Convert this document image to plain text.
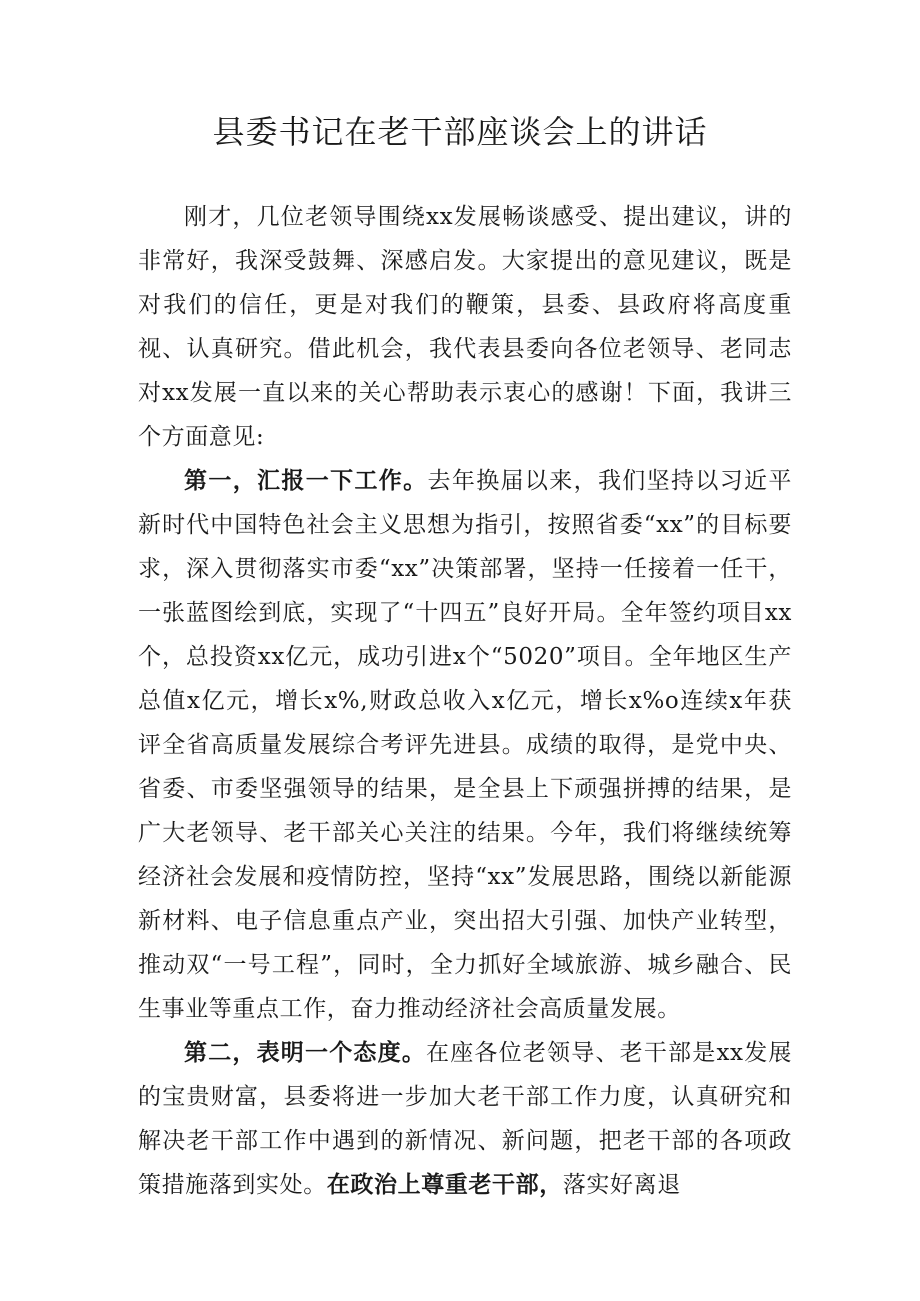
县委书记在老干部座谈会上的讲话

刚才，几位老领导围绕xx发展畅谈感受、提出建议，讲的非常好，我深受鼓舞、深感启发。大家提出的意见建议，既是对我们的信任，更是对我们的鞭策，县委、县政府将高度重视、认真研究。借此机会，我代表县委向各位老领导、老同志对xx发展一直以来的关心帮助表示衷心的感谢！下面，我讲三个方面意见:

第一，汇报一下工作。去年换届以来，我们坚持以习近平新时代中国特色社会主义思想为指引，按照省委“xx”的目标要求，深入贯彻落实市委“xx”决策部署，坚持一任接着一任干，一张蓝图绘到底，实现了“十四五”良好开局。全年签约项目xx个，总投资xx亿元，成功引进x个“5020”项目。全年地区生产总值x亿元，增长x%,财政总收入x亿元，增长x%o连续x年获评全省高质量发展综合考评先进县。成绩的取得，是党中央、省委、市委坚强领导的结果，是全县上下顽强拼搏的结果，是广大老领导、老干部关心关注的结果。今年，我们将继续统筹经济社会发展和疫情防控，坚持“xx”发展思路，围绕以新能源新材料、电子信息重点产业，突出招大引强、加快产业转型，推动双“一号工程”，同时，全力抓好全域旅游、城乡融合、民生事业等重点工作，奋力推动经济社会高质量发展。

第二，表明一个态度。在座各位老领导、老干部是xx发展的宝贵财富，县委将进一步加大老干部工作力度，认真研究和解决老干部工作中遇到的新情况、新问题，把老干部的各项政策措施落到实处。在政治上尊重老干部，落实好离退
